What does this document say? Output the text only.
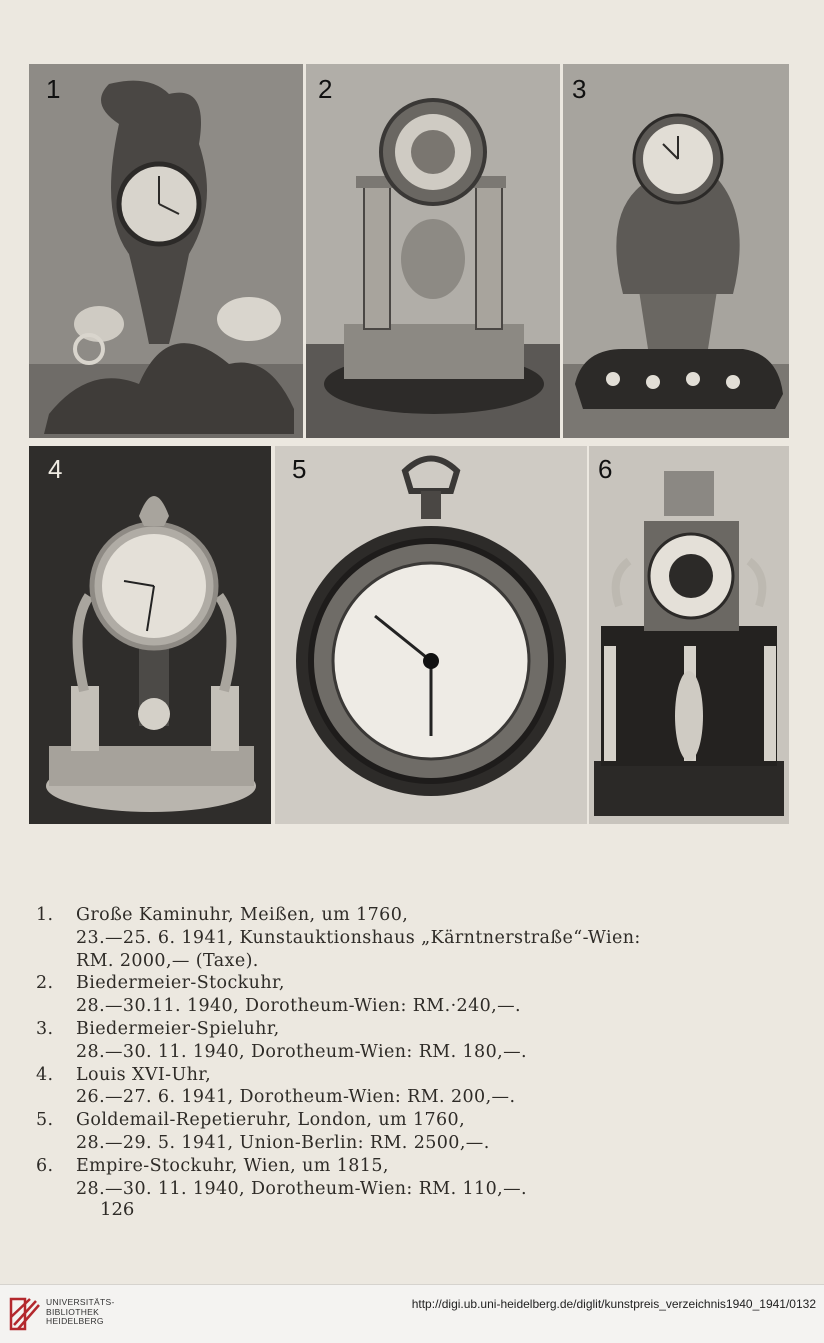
1	2	3
4	5	6
1. Große Kaminuhr, Meißen, um 1760,
23.—25. 6. 1941, Kunstauktionshaus „Kärntnerstraße“-Wien:
RM. 2000,— (Taxe).
2. Biedermeier-Stockuhr,
28.—30.11. 1940, Dorotheum-Wien: RM.·240,—.
3. Biedermeier-Spieluhr,
28.—30. 11. 1940, Dorotheum-Wien: RM. 180,—.
4. Louis XVI-Uhr,
26.—27. 6. 1941, Dorotheum-Wien: RM. 200,—.
5. Goldemail-Repetieruhr, London, um 1760,
28.—29. 5. 1941, Union-Berlin: RM. 2500,—.
6. Empire-Stockuhr, Wien, um 1815,
28.—30. 11. 1940, Dorotheum-Wien: RM. 110,—.
126
UNIVERSITÄTS-
BIBLIOTHEK
HEIDELBERG
http://digi.ub.uni-heidelberg.de/diglit/kunstpreis_verzeichnis1940_1941/0132
